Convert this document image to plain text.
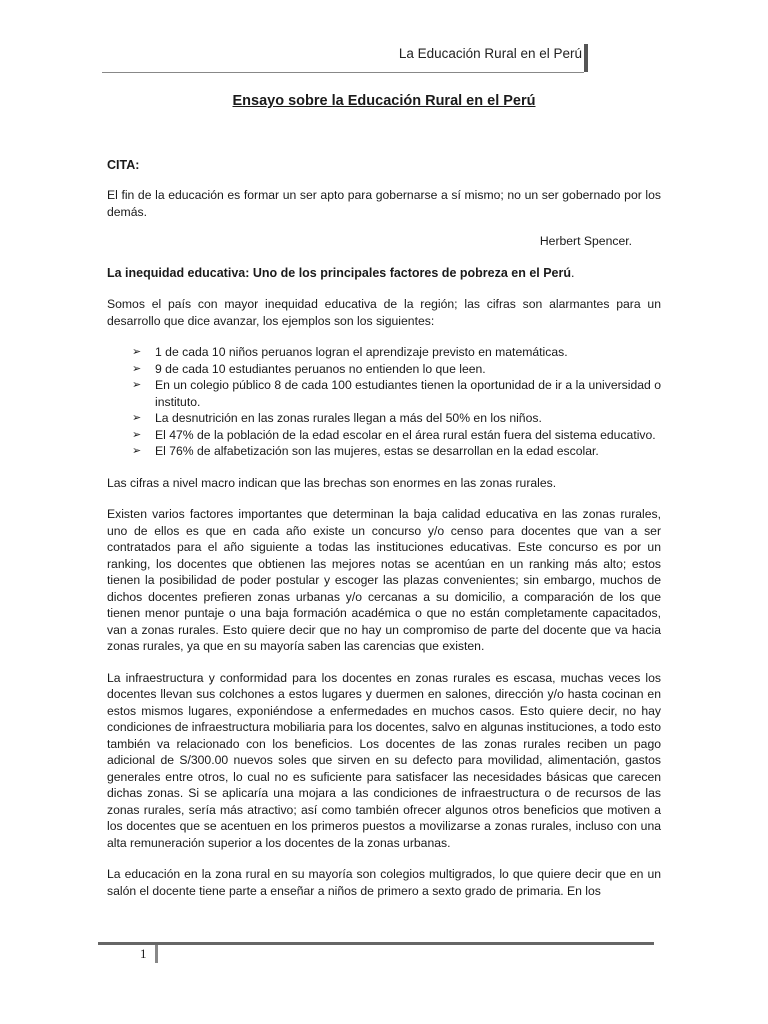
La Educación Rural en el Perú
Ensayo sobre la Educación Rural en el Perú
CITA:

El fin de la educación es formar un ser apto para gobernarse a sí mismo; no un ser gobernado por los demás.

Herbert Spencer.
La inequidad educativa: Uno de los principales factores de pobreza en el Perú.

Somos el país con mayor inequidad educativa de la región; las cifras son alarmantes para un desarrollo que dice avanzar, los ejemplos son los siguientes:

➢ 1 de cada 10 niños peruanos logran el aprendizaje previsto en matemáticas.
➢ 9 de cada 10 estudiantes peruanos no entienden lo que leen.
➢ En un colegio público 8 de cada 100 estudiantes tienen la oportunidad de ir a la universidad o instituto.
➢ La desnutrición en las zonas rurales llegan a más del 50% en los niños.
➢ El 47% de la población de la edad escolar en el área rural están fuera del sistema educativo.
➢ El 76% de alfabetización son las mujeres, estas se desarrollan en la edad escolar.

Las cifras a nivel macro indican que las brechas son enormes en las zonas rurales.

Existen varios factores importantes que determinan la baja calidad educativa en las zonas rurales, uno de ellos es que en cada año existe un concurso y/o censo para docentes que van a ser contratados para el año siguiente a todas las instituciones educativas. Este concurso es por un ranking, los docentes que obtienen las mejores notas se acentúan en un ranking más alto; estos tienen la posibilidad de poder postular y escoger las plazas convenientes; sin embargo, muchos de dichos docentes prefieren zonas urbanas y/o cercanas a su domicilio, a comparación de los que tienen menor puntaje o una baja formación académica o que no están completamente capacitados, van a zonas rurales. Esto quiere decir que no hay un compromiso de parte del docente que va hacia zonas rurales, ya que en su mayoría saben las carencias que existen.

La infraestructura y conformidad para los docentes en zonas rurales es escasa, muchas veces los docentes llevan sus colchones a estos lugares y duermen en salones, dirección y/o hasta cocinan en estos mismos lugares, exponiéndose a enfermedades en muchos casos. Esto quiere decir, no hay condiciones de infraestructura mobiliaria para los docentes, salvo en algunas instituciones, a todo esto también va relacionado con los beneficios. Los docentes de las zonas rurales reciben un pago adicional de S/300.00 nuevos soles que sirven en su defecto para movilidad, alimentación, gastos generales entre otros, lo cual no es suficiente para satisfacer las necesidades básicas que carecen dichas zonas. Si se aplicaría una mojara a las condiciones de infraestructura o de recursos de las zonas rurales, sería más atractivo; así como también ofrecer algunos otros beneficios que motiven a los docentes que se acentuen en los primeros puestos a movilizarse a zonas rurales, incluso con una alta remuneración superior a los docentes de la zonas urbanas.

La educación en la zona rural en su mayoría son colegios multigrados, lo que quiere decir que en un salón el docente tiene parte a enseñar a niños de primero a sexto grado de primaria. En los

1
